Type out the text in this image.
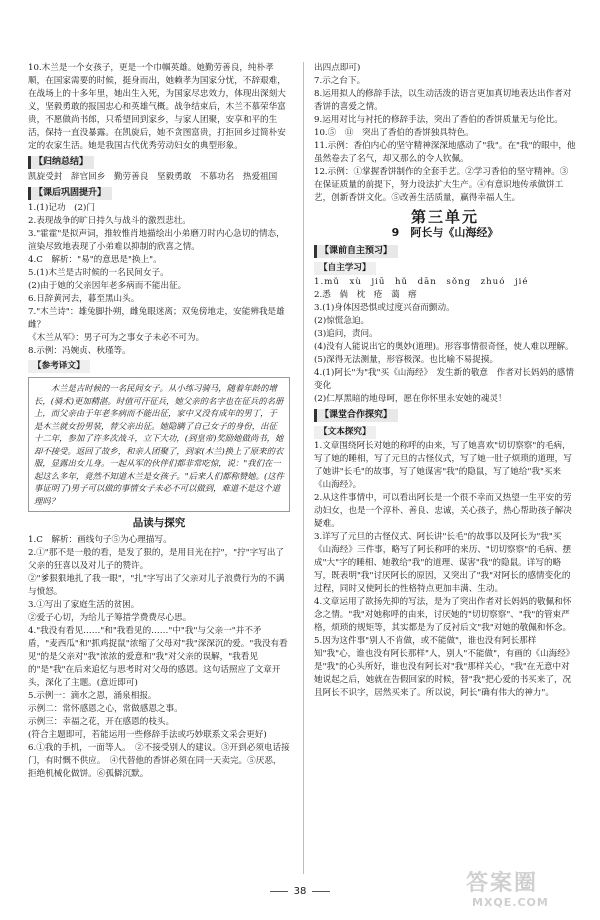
10.木兰是一个女孩子，更是一个巾帼英雄。她勤劳善良，纯朴孝顺，在国家需要的时候，挺身而出，她赖孝为国家分忧，不辞艰难，在战场上的十多年里，她出生入死，为国家尽忠效力，体现出深刻大义，坚毅勇敢的报国忠心和英雄气概。战争结束后，木兰不慕荣华富贵，不愿做尚书郎，只希望回到家乡，与家人团聚，安享和平的生活，保持一直没暴露。在凯旋后，她不贪图富贵，打拒回乡过简朴安定的农家生活。她是我国古代优秀劳动妇女的典型形象。

【归纳总结】

凯旋受封　辞官回乡　勤劳善良　坚毅勇敢　不慕功名　热爱祖国

【课后巩固提升】

1.(1)记功　(2)门

2.表现战争的旷日持久与战斗的激烈悲壮。

3."霍霍"是拟声词，推较惟肖地描绘出小弟磨刀时内心急切的情态，渲染尽致地表现了小弟难以抑制的欣喜之情。

4.C　解析："易"的意思是"换上"。

5.(1)木兰是古时候的一名民间女子。

(2)由于她的父亲因年老多病而不能出征。

6.日辞黄河去，暮至黑山头。

7."木兰诗"：雄兔脚扑朔，雌兔眼迷离；双兔傍地走，安能辨我是雄雌？

《木兰从军》：男子可为之事女子未必不可为。

8.示例：冯婉贞、秋瑾等。

【参考译文】
木兰是古时候的一名民间女子。从小练习骑马，随着年龄的增长，(骑术)更加精湛。时值可汗征兵，她父亲的名字也在征兵的名册上，而父亲由于年老多病而不能出征，家中又没有成年的男丁，于是木兰就女扮男装，替父亲出征。她隐瞒了自己女子的身份，出征十二年，参加了许多次战斗，立下大功，(到皇帝)奖励她做尚书，她却不接受。返回了故乡，和亲人团聚了，到家(木兰)换上了原来的衣服，显露出女儿身。一起从军的伙伴们都非常吃惊，说："我们在一起这么多年，竟然不知道木兰是女孩子。"后来人们都称赞她。(这件事证明了)男子可以做的事情女子未必不可以做到，难道不是这个道理吗？
品读与探究

1.C　解析：画线句子⑤为心理描写。

2.①"那不是一般的看，是发了狠的，是用目光在拧"，"拧"字写出了父亲的狂喜以及对儿子的赞许。

②"爹狠狠地扎了我一眼"，"扎"字写出了父亲对儿子浪费行为的不满与愤怒。

3.①写出了家庭生活的贫困。

②爱子心切，为给儿子筹措学费费尽心思。

4."我没有看见……"和"我看见的……"中"我"与父亲一"并不矛盾，"麦西瓜"和"抓鸡捉鼠"浓缩了父母对"我"深深沉的爱。"我没有看见"的是父亲对"我"浓浓的爱意和"我"对父亲的误解，"我看见的"是"我"在后来追忆与思考时对父母的感恩。这句话照应了文章开头，深化了主题。(意近即可)

5.示例一：滴水之恩，涌泉相报。

示例二：常怀感恩之心，常做感恩之事。

示例三：幸福之花，开在感恩的枝头。

(符合主题即可，若能运用一些修辞手法或巧妙联系文采会更好)

6.①我的手机，一面等人。　②不接受别人的建议。③开到必须电话接门，有时慨不供应。　④代替他的香饼必须在同一天卖完。⑤厌恶，拒绝机械化做饼。⑥孤僻沉默。

出四点即可)

7.示之台下。

8.运用拟人的修辞手法，以生动活泼的语言更加真切地表达出作者对香饼的喜爱之情。

9.运用对比与衬托的修辞手法，突出了香伯的香饼质量无与伦比。

10.⑤　⑪　突出了香伯的香饼独具特色。

11.示例：香伯内心的坚守精神深深地感动了"我"。在"我"的眼中，他虽然卷去了名气，却又那么的令人钦佩。

12.示例：①掌握香饼制作的全套手艺。②学习香伯的坚守精神。③在保证质量的前提下，努力设法扩大生产。④有意识地传承做饼工艺，创新香饼文化。⑤改善生活质量，赢得幸福人生。

第三单元
9　阿长与《山海经》
【课前自主预习】
【自主学习】

1.mǔ　xù　jiū　hǔ　dān　sǒng　zhuó　jié

2.悉　倘　枕　疮　蔼　瘩

3.(1)身体因恐惧或过度兴奋而颤动。

(2)惊慌急迫。

(3)追问，责问。

(4)没有人能说出它的奥妙(道理)。形容事情很奇怪，使人难以理解。

(5)深得无法测量，形容极深。也比喻不易捉摸。

4.(1)阿长"为"我"买《山海经》　发生新的敬意　作者对长妈妈的感情变化

(2)仁厚黑暗的地母呵，愿在你怀里永安她的魂灵！

【课堂合作探究】
【文本探究】

1.文章围绕阿长对她的称呼的由来，写了她喜欢"切切察察"的毛病，写了她的睡相，写了元旦的古怪仪式，写了她一肚子烦琐的道理，写了她讲"长毛"的故事，写了她谋害"我"的隐鼠，写了她给"我"买来《山海经》。

2.从这件事情中，可以看出阿长是一个很不幸而又热望一生平安的劳动妇女，也是一个淳朴、善良、忠诚，关心孩子，热心帮助孩子解决疑难。

3.详写了元旦的古怪仪式、阿长讲"长毛"的故事以及阿长为"我"买《山海经》三件事，略写了阿长称呼的来历、"切切察察"的毛病、摆成"大"字的睡相、她教给"我"的道理、谋害"我"的隐鼠。详写的略写，既表明"我"讨厌阿长的原因，又突出了"我"对阿长的感情变化的过程，同时又使阿长的性格特点更加丰满、生动。

4.文章运用了欲扬先抑的写法，是为了突出作者对长妈妈的敬佩和怀念之情。"我"对她称呼的由来，讨厌她的"切切察察"、"我"的管束严格，烦琐的规矩等，其实都是为了反衬后文"我"对她的敬佩和怀念。

5.因为这件事"别人不肯做，或不能做"，谁也没有阿长那样知"我"心，谁也没有阿长那样"人，别人"不能做"，有画的《山海经》是"我"的心头所好，谁也没有阿长对"我"那样关心，"我"在无意中对她说起之后，她就在告假回家的时候，替"我"把心爱的书买来了，况且阿长不识字，居然买来了。所以说，阿长"确有伟大的神力"。

38	答案圈
MXQE.COM
